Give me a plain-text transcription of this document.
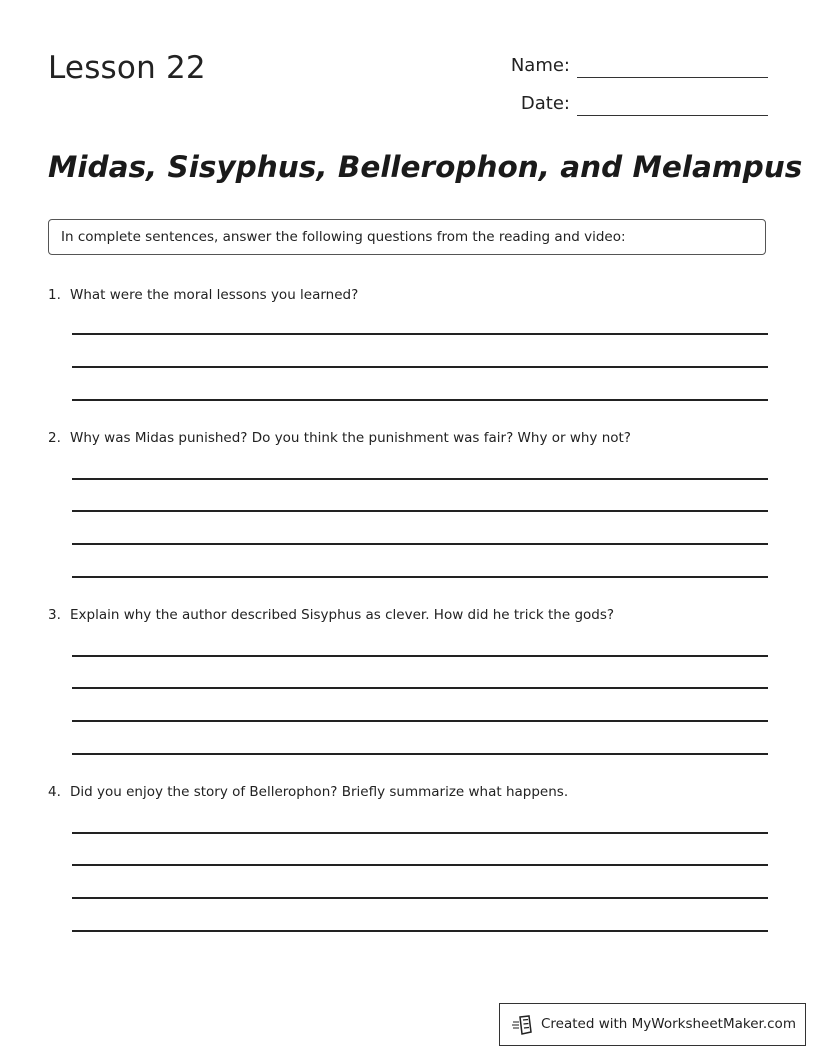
Lesson 22	Name:
Date:
Midas, Sisyphus, Bellerophon, and Melampus
In complete sentences, answer the following questions from the reading and video:
1. What were the moral lessons you learned?
2. Why was Midas punished? Do you think the punishment was fair? Why or why not?
3. Explain why the author described Sisyphus as clever. How did he trick the gods?
4. Did you enjoy the story of Bellerophon? Briefly summarize what happens.
Created with MyWorksheetMaker.com
